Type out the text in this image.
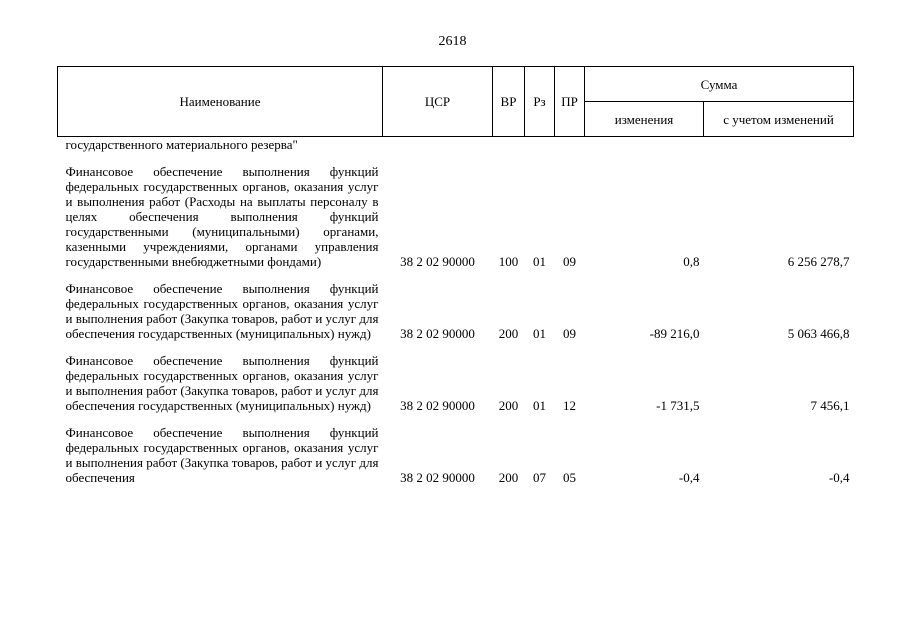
2618
Наименование	ЦСР	ВР	Рз	ПР	Сумма	
					изменения	с учетом изменений
государственного материального резерва"						

Финансовое обеспечение выполнения функций федеральных государственных органов, оказания услуг и выполнения работ (Расходы на выплаты персоналу в целях обеспечения выполнения функций государственными (муниципальными) органами, казенными учреждениями, органами управления государственными внебюджетными фондами)	38 2 02 90000	100	01	09	0,8	6 256 278,7

Финансовое обеспечение выполнения функций федеральных государственных органов, оказания услуг и выполнения работ (Закупка товаров, работ и услуг для обеспечения государственных (муниципальных) нужд)	38 2 02 90000	200	01	09	-89 216,0	5 063 466,8

Финансовое обеспечение выполнения функций федеральных государственных органов, оказания услуг и выполнения работ (Закупка товаров, работ и услуг для обеспечения государственных (муниципальных) нужд)	38 2 02 90000	200	01	12	-1 731,5	7 456,1

Финансовое обеспечение выполнения функций федеральных государственных органов, оказания услуг и выполнения работ (Закупка товаров, работ и услуг для обеспечения	38 2 02 90000	200	07	05	-0,4	-0,4
